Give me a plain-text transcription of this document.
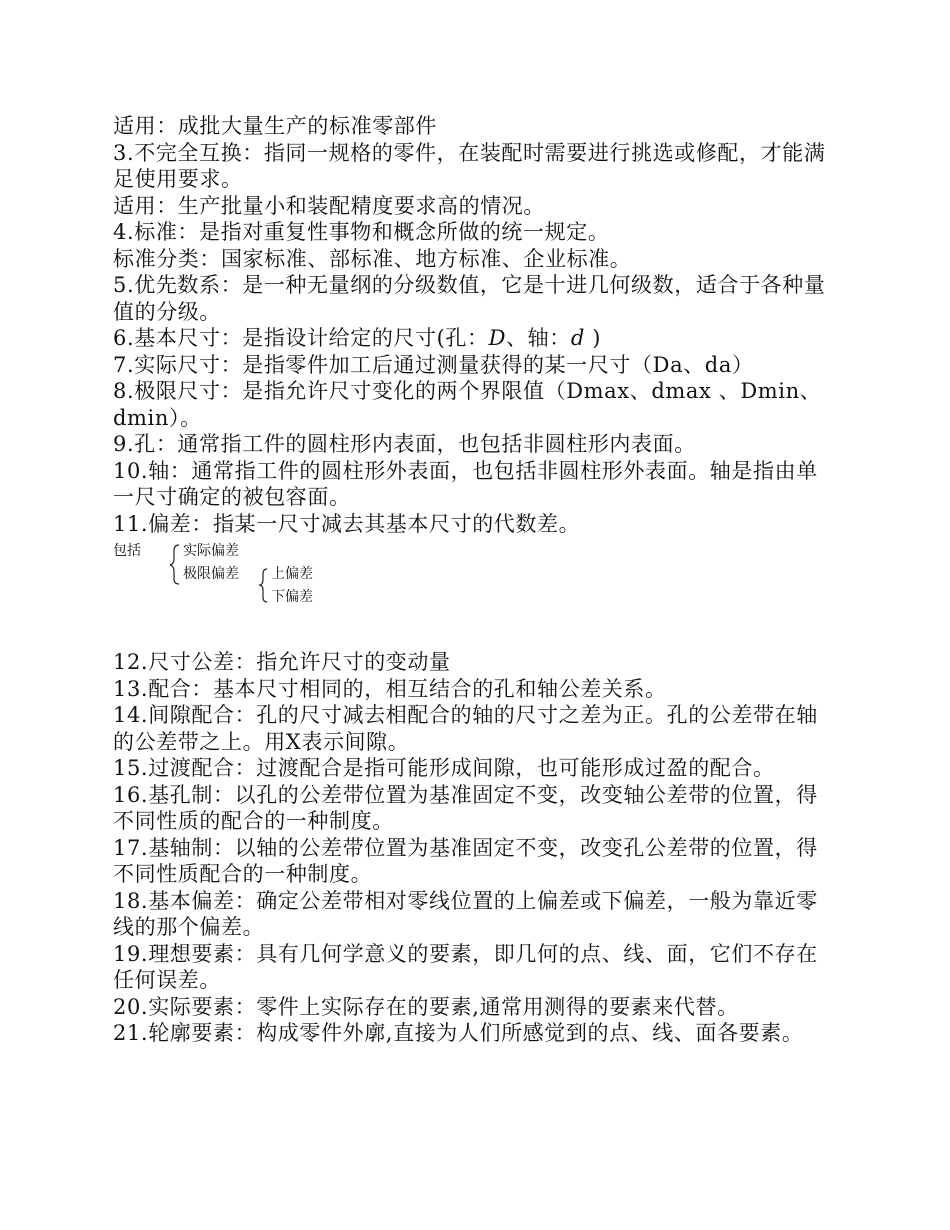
适用：成批大量生产的标准零部件
3.不完全互换：指同一规格的零件，在装配时需要进行挑选或修配，才能满足使用要求。
适用：生产批量小和装配精度要求高的情况。
4.标准：是指对重复性事物和概念所做的统一规定。
标准分类：国家标准、部标准、地方标准、企业标准。
5.优先数系：是一种无量纲的分级数值，它是十进几何级数，适合于各种量值的分级。
6.基本尺寸：是指设计给定的尺寸(孔：D、轴：d )
7.实际尺寸：是指零件加工后通过测量获得的某一尺寸（Da、da）
8.极限尺寸：是指允许尺寸变化的两个界限值（Dmax、dmax 、Dmin、dmin）。
9.孔：通常指工件的圆柱形内表面，也包括非圆柱形内表面。
10.轴：通常指工件的圆柱形外表面，也包括非圆柱形外表面。轴是指由单一尺寸确定的被包容面。
11.偏差：指某一尺寸减去其基本尺寸的代数差。
包括	实际偏差
极限偏差 上偏差
下偏差
12.尺寸公差：指允许尺寸的变动量
13.配合：基本尺寸相同的，相互结合的孔和轴公差关系。
14.间隙配合：孔的尺寸减去相配合的轴的尺寸之差为正。孔的公差带在轴的公差带之上。用X表示间隙。
15.过渡配合：过渡配合是指可能形成间隙，也可能形成过盈的配合。
16.基孔制：以孔的公差带位置为基准固定不变，改变轴公差带的位置，得不同性质的配合的一种制度。
17.基轴制：以轴的公差带位置为基准固定不变，改变孔公差带的位置，得不同性质配合的一种制度。
18.基本偏差：确定公差带相对零线位置的上偏差或下偏差，一般为靠近零线的那个偏差。
19.理想要素：具有几何学意义的要素，即几何的点、线、面，它们不存在任何误差。
20.实际要素：零件上实际存在的要素,通常用测得的要素来代替。
21.轮廓要素：构成零件外廓,直接为人们所感觉到的点、线、面各要素。
